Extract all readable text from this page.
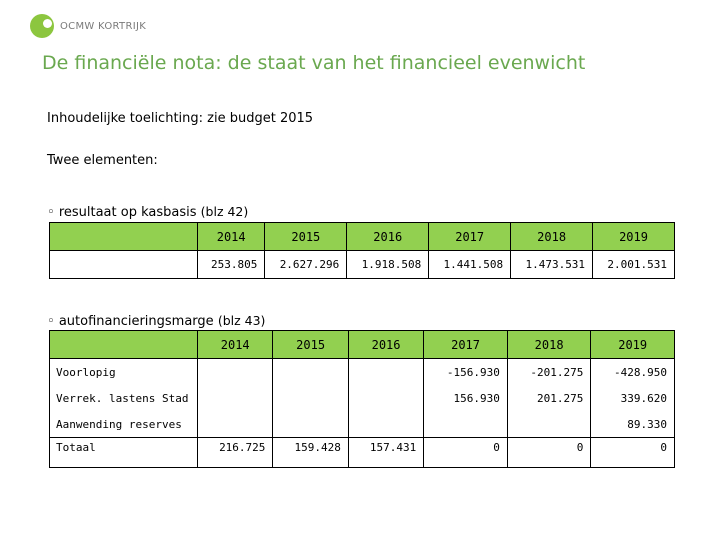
OCMW KORTRIJK
De financiële nota: de staat van het financieel evenwicht
Inhoudelijke toelichting: zie budget 2015
Twee elementen:
◦ resultaat op kasbasis (blz 42)
	2014	2015	2016	2017	2018	2019
	253.805	2.627.296	1.918.508	1.441.508	1.473.531	2.001.531
◦ autofinancieringsmarge (blz 43)
	2014	2015	2016	2017	2018	2019
Voorlopig				-156.930	-201.275	-428.950
Verrek. lastens Stad				156.930	201.275	339.620
Aanwending reserves						89.330
Totaal	216.725	159.428	157.431	0	0	0
